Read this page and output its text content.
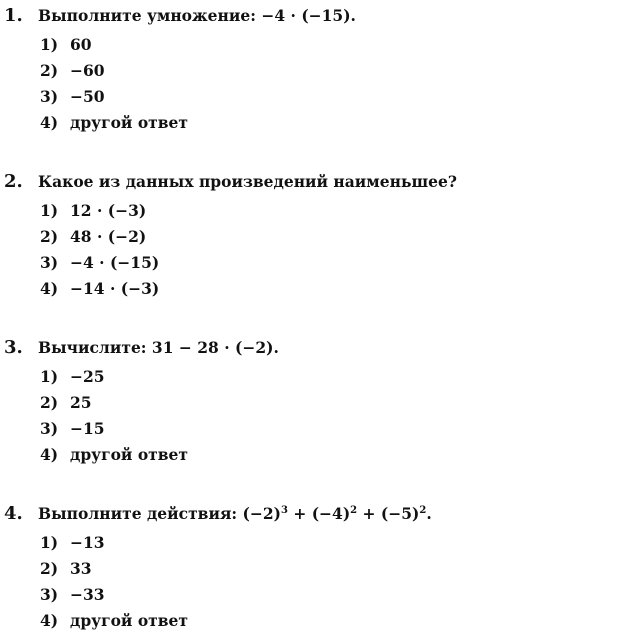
1. Выполните умножение: −4 · (−15).
1) 60
2) −60
3) −50
4) другой ответ
2. Какое из данных произведений наименьшее?
1) 12 · (−3)
2) 48 · (−2)
3) −4 · (−15)
4) −14 · (−3)
3. Вычислите: 31 − 28 · (−2).
1) −25
2) 25
3) −15
4) другой ответ
4. Выполните действия: $(-2)^3 + (-4)^2 + (-5)^2$.
1) −13
2) 33
3) −33
4) другой ответ
